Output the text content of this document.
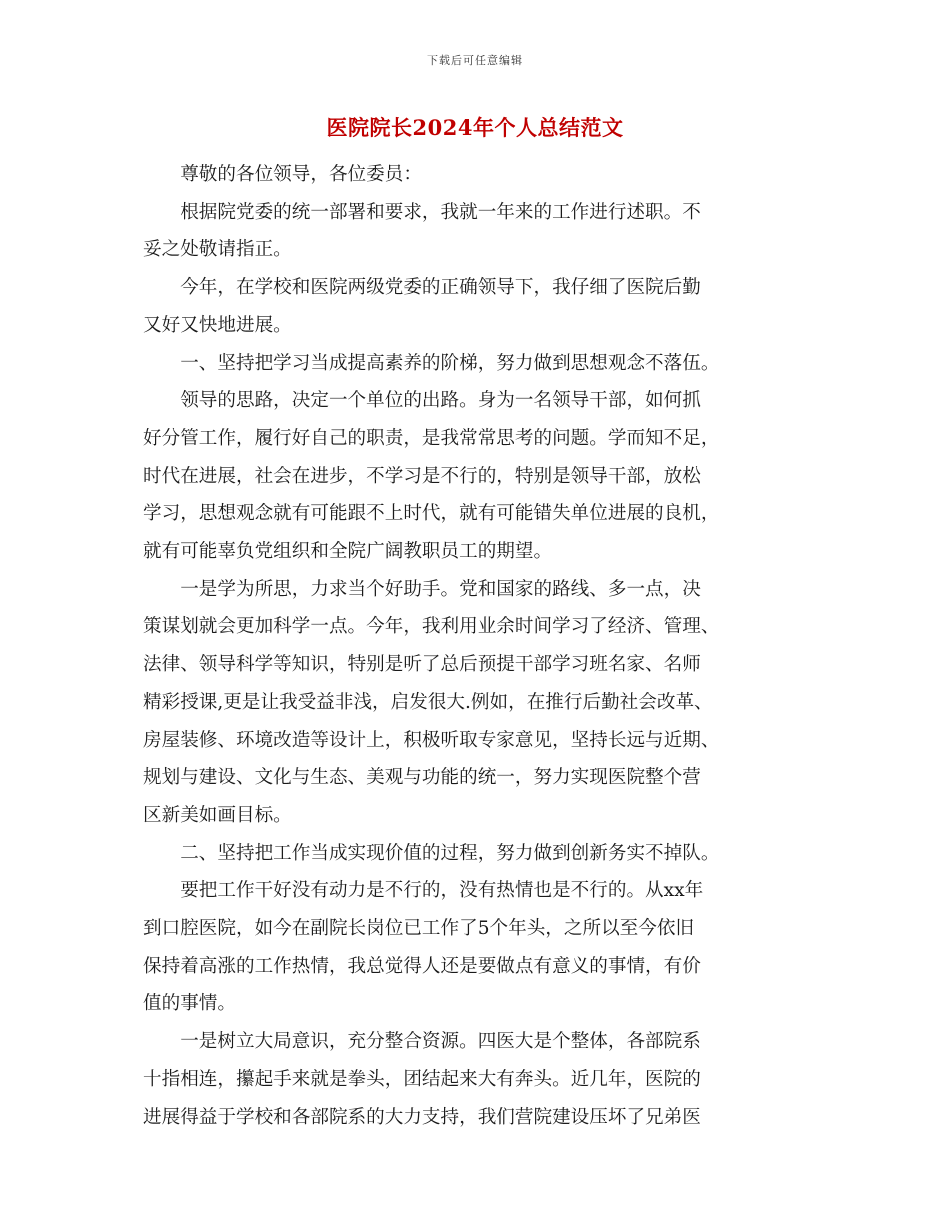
下载后可任意编辑
医院院长2024年个人总结范文

尊敬的各位领导，各位委员：

根据院党委的统一部署和要求，我就一年来的工作进行述职。不
妥之处敬请指正。

今年，在学校和医院两级党委的正确领导下，我仔细了医院后勤
又好又快地进展。

一、坚持把学习当成提高素养的阶梯，努力做到思想观念不落伍。

领导的思路，决定一个单位的出路。身为一名领导干部，如何抓
好分管工作，履行好自己的职责，是我常常思考的问题。学而知不足，
时代在进展，社会在进步，不学习是不行的，特别是领导干部，放松
学习，思想观念就有可能跟不上时代，就有可能错失单位进展的良机，
就有可能辜负党组织和全院广阔教职员工的期望。

一是学为所思，力求当个好助手。党和国家的路线、多一点，决
策谋划就会更加科学一点。今年，我利用业余时间学习了经济、管理、
法律、领导科学等知识，特别是听了总后预提干部学习班名家、名师
精彩授课,更是让我受益非浅，启发很大.例如，在推行后勤社会改革、
房屋装修、环境改造等设计上，积极听取专家意见，坚持长远与近期、
规划与建设、文化与生态、美观与功能的统一，努力实现医院整个营
区新美如画目标。

二、坚持把工作当成实现价值的过程，努力做到创新务实不掉队。

要把工作干好没有动力是不行的，没有热情也是不行的。从xx年
到口腔医院，如今在副院长岗位已工作了5个年头，之所以至今依旧
保持着高涨的工作热情，我总觉得人还是要做点有意义的事情，有价
值的事情。

一是树立大局意识，充分整合资源。四医大是个整体，各部院系
十指相连，攥起手来就是拳头，团结起来大有奔头。近几年，医院的
进展得益于学校和各部院系的大力支持，我们营院建设压坏了兄弟医
